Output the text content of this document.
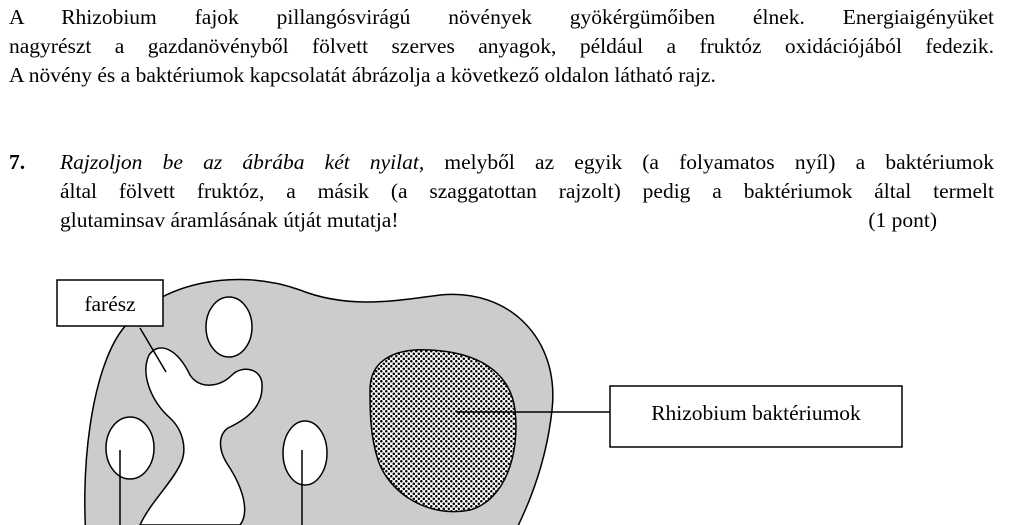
A Rhizobium fajok pillangósvirágú növények gyökérgümőiben élnek. Energiaigényüket
nagyrészt a gazdanövényből fölvett szerves anyagok, például a fruktóz oxidációjából fedezik.
A növény és a baktériumok kapcsolatát ábrázolja a következő oldalon látható rajz.
7. Rajzoljon be az ábrába két nyilat, melyből az egyik (a folyamatos nyíl) a baktériumok
által fölvett fruktóz, a másik (a szaggatottan rajzolt) pedig a baktériumok által termelt
glutaminsav áramlásának útját mutatja!	(1 pont)
farész
Rhizobium baktériumok
